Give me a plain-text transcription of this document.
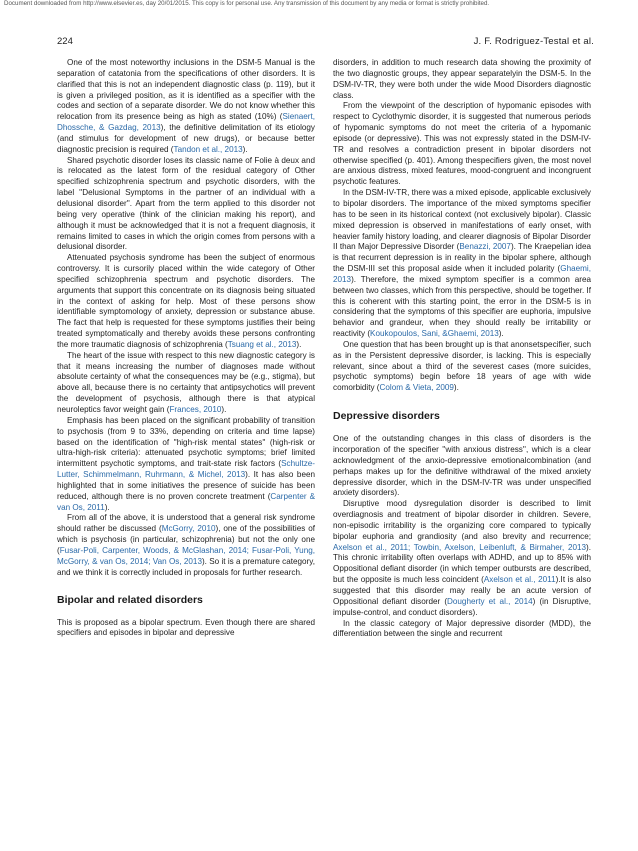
Document downloaded from http://www.elsevier.es, day 20/01/2015. This copy is for personal use. Any transmission of this document by any media or format is strictly prohibited.
224	J. F. Rodriguez-Testal et al.

One of the most noteworthy inclusions in the DSM-5 Manual is the separation of catatonia from the specifications of other disorders. It is clarified that this is not an independent diagnostic class (p. 119), but it is given a privileged position, as it is identified as a specifier with the codes and section of a separate disorder. We do not know whether this relocation from its presence being as high as stated (10%) (Sienaert, Dhossche, & Gazdag, 2013), the definitive delimitation of its etiology (and stimulus for development of new drugs), or because better diagnostic precision is required (Tandon et al., 2013).

Shared psychotic disorder loses its classic name of Folie à deux and is relocated as the latest form of the residual category of Other specified schizophrenia spectrum and psychotic disorders, with the label ''Delusional Symptoms in the partner of an individual with a delusional disorder''. Apart from the term applied to this disorder not being very operative (think of the clinician making his report), and although it must be acknowledged that it is not a frequent diagnosis, it remains limited to cases in which the origin comes from persons with a delusional disorder.

Attenuated psychosis syndrome has been the subject of enormous controversy. It is cursorily placed within the wide category of Other specified schizophrenia spectrum and psychotic disorders. The arguments that support this concentrate on its diagnosis being situated in the context of asking for help. Most of these persons show identifiable symptomology of anxiety, depression or substance abuse. The fact that help is requested for these symptoms justifies their being treated symptomatically and thereby avoids these persons confronting the more traumatic diagnosis of schizophrenia (Tsuang et al., 2013).

The heart of the issue with respect to this new diagnostic category is that it means increasing the number of diagnoses made without absolute certainty of what the consequences may be (e.g., stigma), but above all, because there is no certainty that antipsychotics will prevent the development of psychosis, although there is that atypical neuroleptics favor weight gain (Frances, 2010).

Emphasis has been placed on the significant probability of transition to psychosis (from 9 to 33%, depending on criteria and time lapse) based on the identification of ''high-risk mental states'' (high-risk or ultra-high-risk criteria): attenuated psychotic symptoms; brief limited intermittent psychotic symptoms, and trait-state risk factors (Schultze-Lutter, Schimmelmann, Ruhrmann, & Michel, 2013). It has also been highlighted that in some initiatives the presence of suicide has been reduced, although there is no proven concrete treatment (Carpenter & van Os, 2011).

From all of the above, it is understood that a general risk syndrome should rather be discussed (McGorry, 2010), one of the possibilities of which is psychosis (in particular, schizophrenia) but not the only one (Fusar-Poli, Carpenter, Woods, & McGlashan, 2014; Fusar-Poli, Yung, McGorry, & van Os, 2014; Van Os, 2013). So it is a premature category, and we think it is correctly included in proposals for further research.

Bipolar and related disorders

This is proposed as a bipolar spectrum. Even though there are shared specifiers and episodes in bipolar and depressive

disorders, in addition to much research data showing the proximity of the two diagnostic groups, they appear separatelyin the DSM-5. In the DSM-IV-TR, they were both under the wide Mood Disorders diagnostic class.

From the viewpoint of the description of hypomanic episodes with respect to Cyclothymic disorder, it is suggested that numerous periods of hypomanic symptoms do not meet the criteria of a hypomanic episode (or depressive). This was not expressly stated in the DSM-IV-TR and resolves a contradiction present in bipolar disorders not otherwise specified (p. 401). Among thespecifiers given, the most novel are anxious distress, mixed features, mood-congruent and incongruent psychotic features.

In the DSM-IV-TR, there was a mixed episode, applicable exclusively to bipolar disorders. The importance of the mixed symptoms specifier has to be seen in its historical context (not exclusively bipolar). Classic mixed depression is observed in manifestations of early onset, with heavier family history loading, and clearer diagnosis of Bipolar Disorder II than Major Depressive Disorder (Benazzi, 2007). The Kraepelian idea is that recurrent depression is in reality in the bipolar sphere, although the DSM-III set this proposal aside when it included polarity (Ghaemi, 2013). Therefore, the mixed symptom specifier is a common area between two classes, which from this perspective, should be together. If this is coherent with this starting point, the error in the DSM-5 is in considering that the symptoms of this specifier are euphoria, impulsive behavior and grandeur, when they should really be irritability or reactivity (Koukopoulos, Sani, &Ghaemi, 2013).

One question that has been brought up is that anonsetspecifier, such as in the Persistent depressive disorder, is lacking. This is especially relevant, since about a third of the severest cases (more suicides, psychotic symptoms) begin before 18 years of age with wide comorbidity (Colom & Vieta, 2009).

Depressive disorders

One of the outstanding changes in this class of disorders is the incorporation of the specifier ''with anxious distress'', which is a clear acknowledgment of the anxio-depressive emotionalcombination (and perhaps makes up for the definitive withdrawal of the mixed anxiety depressive disorder, which in the DSM-IV-TR was under unspecified anxiety disorders).

Disruptive mood dysregulation disorder is described to limit overdiagnosis and treatment of bipolar disorder in children. Severe, non-episodic irritability is the organizing core compared to typically bipolar euphoria and grandiosity (and also brevity and recurrence; Axelson et al., 2011; Towbin, Axelson, Leibenluft, & Birmaher, 2013). This chronic irritability often overlaps with ADHD, and up to 85% with Oppositional defiant disorder (in which temper outbursts are described, but the opposite is much less coincident (Axelson et al., 2011).It is also suggested that this disorder may really be an acute version of Oppositional defiant disorder (Dougherty et al., 2014) (in Disruptive, impulse-control, and conduct disorders).

In the classic category of Major depressive disorder (MDD), the differentiation between the single and recurrent
